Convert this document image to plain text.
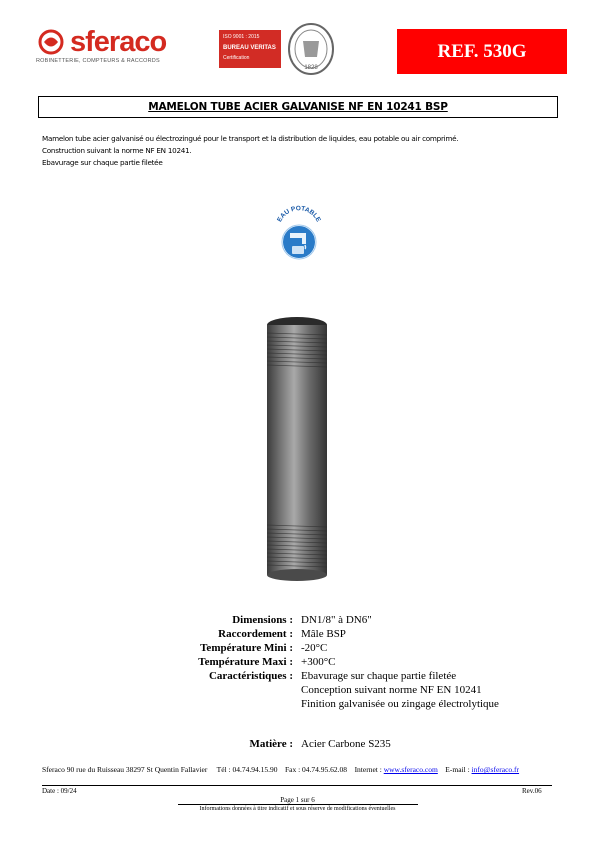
sferaco
ROBINETTERIE, COMPTEURS & RACCORDS
ISO 9001 : 2015
BUREAU VERITAS
Certification
1828
REF. 530G
MAMELON TUBE ACIER GALVANISE NF EN 10241 BSP
Mamelon tube acier galvanisé ou électrozingué pour le transport et la distribution de liquides, eau potable ou air comprimé.
Construction suivant la norme NF EN 10241.
Ebavurage sur chaque partie filetée
EAU POTABLE
Dimensions : DN1/8" à DN6"
Raccordement : Mâle BSP
Température Mini : -20°C
Température Maxi : +300°C
Caractéristiques : Ebavurage sur chaque partie filetée
Conception suivant norme NF EN 10241
Finition galvanisée ou zingage électrolytique
Matière : Acier Carbone S235
Sferaco 90 rue du Ruisseau 38297 St Quentin Fallavier Tél : 04.74.94.15.90 Fax : 04.74.95.62.08 Internet : www.sferaco.com E-mail : info@sferaco.fr
Date : 09/24	Rev.06
Page 1 sur 6
Informations données à titre indicatif et sous réserve de modifications éventuelles
